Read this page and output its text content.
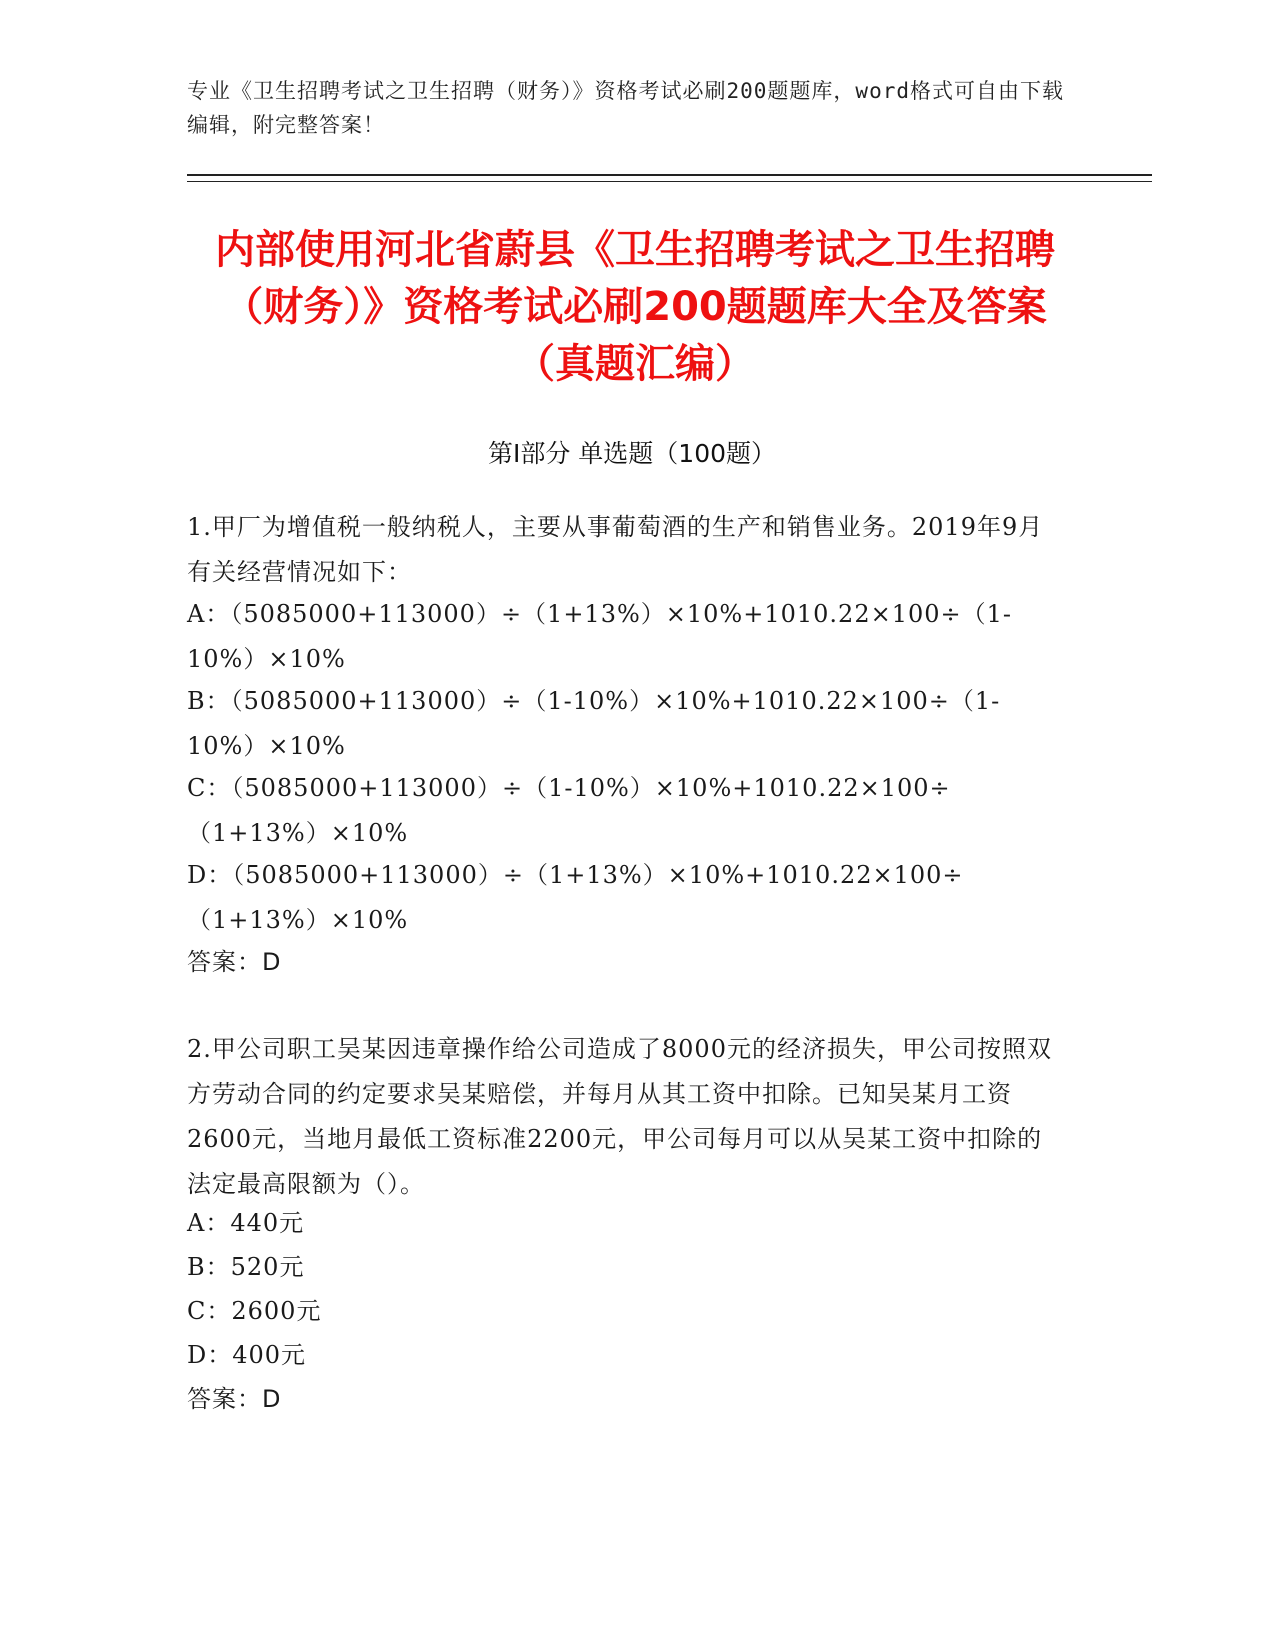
专业《卫生招聘考试之卫生招聘（财务）》资格考试必刷200题题库，word格式可自由下载编辑，附完整答案！
内部使用河北省蔚县《卫生招聘考试之卫生招聘（财务）》资格考试必刷200题题库大全及答案（真题汇编）
第I部分 单选题（100题）
1.甲厂为增值税一般纳税人，主要从事葡萄酒的生产和销售业务。2019年9月有关经营情况如下：
A：（5085000+113000）÷（1+13%）×10%+1010.22×100÷（1-10%）×10%
B：（5085000+113000）÷（1-10%）×10%+1010.22×100÷（1-10%）×10%
C：（5085000+113000）÷（1-10%）×10%+1010.22×100÷（1+13%）×10%
D：（5085000+113000）÷（1+13%）×10%+1010.22×100÷（1+13%）×10%
答案：D
2.甲公司职工吴某因违章操作给公司造成了8000元的经济损失，甲公司按照双方劳动合同的约定要求吴某赔偿，并每月从其工资中扣除。已知吴某月工资2600元，当地月最低工资标准2200元，甲公司每月可以从吴某工资中扣除的法定最高限额为（）。
A：440元
B：520元
C：2600元
D：400元
答案：D
